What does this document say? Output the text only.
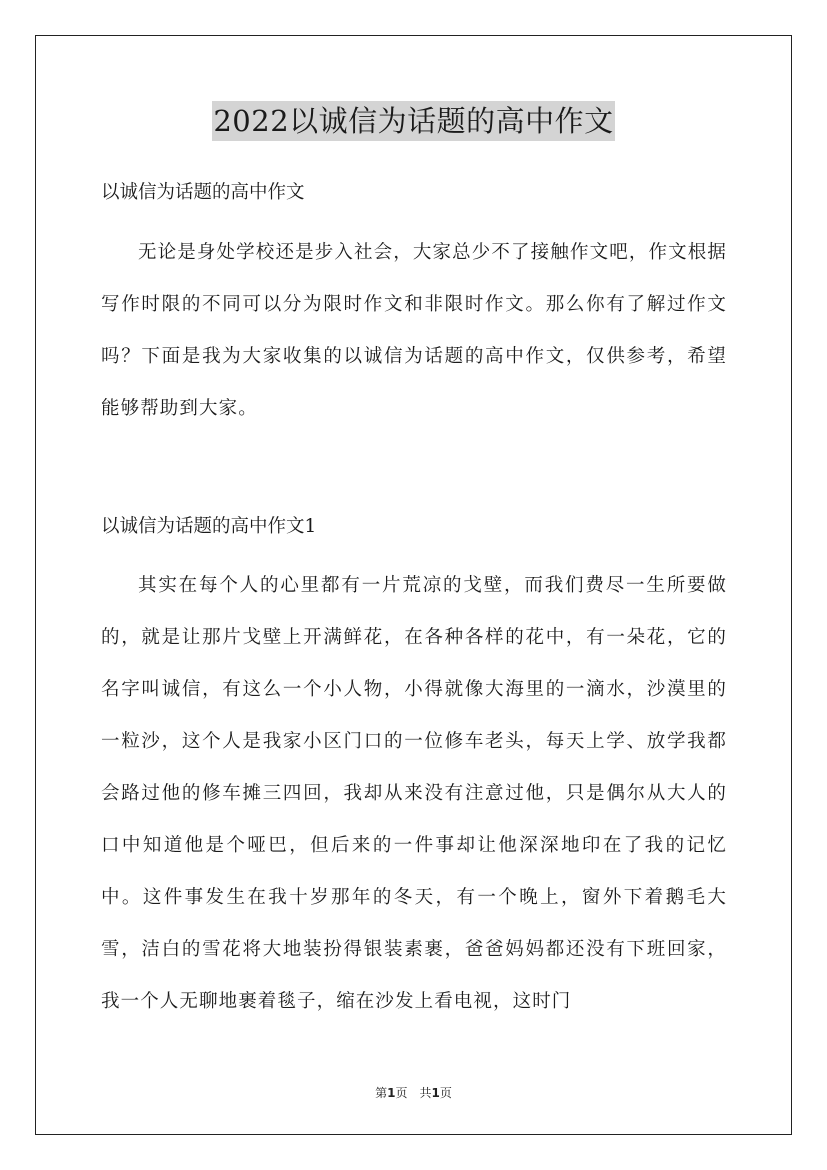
2022以诚信为话题的高中作文

以诚信为话题的高中作文

无论是身处学校还是步入社会，大家总少不了接触作文吧，作文根据写作时限的不同可以分为限时作文和非限时作文。那么你有了解过作文吗？下面是我为大家收集的以诚信为话题的高中作文，仅供参考，希望能够帮助到大家。

以诚信为话题的高中作文1

其实在每个人的心里都有一片荒凉的戈壁，而我们费尽一生所要做的，就是让那片戈壁上开满鲜花，在各种各样的花中，有一朵花，它的名字叫诚信，有这么一个小人物，小得就像大海里的一滴水，沙漠里的一粒沙，这个人是我家小区门口的一位修车老头，每天上学、放学我都会路过他的修车摊三四回，我却从来没有注意过他，只是偶尔从大人的口中知道他是个哑巴，但后来的一件事却让他深深地印在了我的记忆中。这件事发生在我十岁那年的冬天，有一个晚上，窗外下着鹅毛大雪，洁白的雪花将大地装扮得银装素裹，爸爸妈妈都还没有下班回家，我一个人无聊地裹着毯子，缩在沙发上看电视，这时门

第1页 共1页
